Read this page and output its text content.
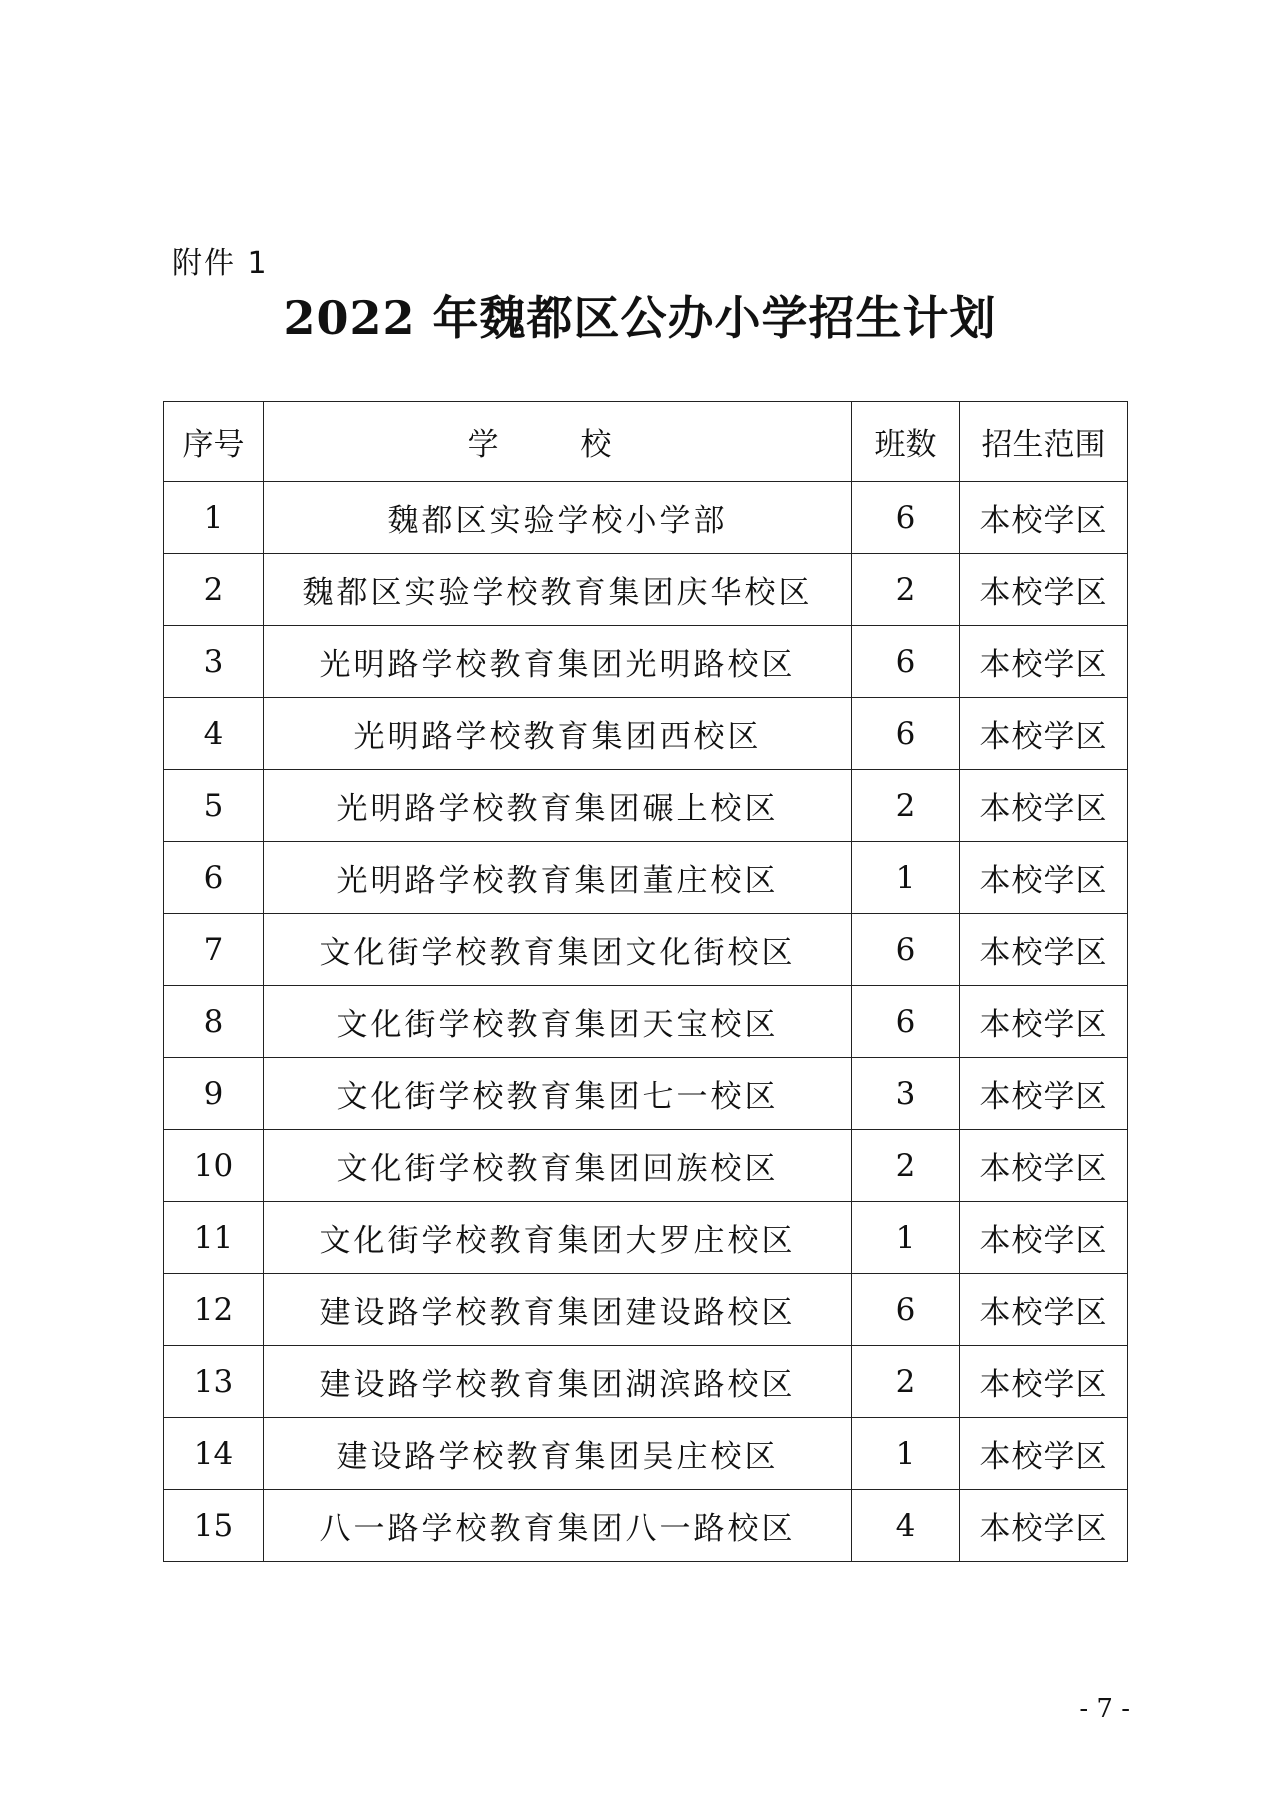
附件 1
2022 年魏都区公办小学招生计划
序号	学 校	班数	招生范围
1	魏都区实验学校小学部	6	本校学区
2	魏都区实验学校教育集团庆华校区	2	本校学区
3	光明路学校教育集团光明路校区	6	本校学区
4	光明路学校教育集团西校区	6	本校学区
5	光明路学校教育集团碾上校区	2	本校学区
6	光明路学校教育集团董庄校区	1	本校学区
7	文化街学校教育集团文化街校区	6	本校学区
8	文化街学校教育集团天宝校区	6	本校学区
9	文化街学校教育集团七一校区	3	本校学区
10	文化街学校教育集团回族校区	2	本校学区
11	文化街学校教育集团大罗庄校区	1	本校学区
12	建设路学校教育集团建设路校区	6	本校学区
13	建设路学校教育集团湖滨路校区	2	本校学区
14	建设路学校教育集团吴庄校区	1	本校学区
15	八一路学校教育集团八一路校区	4	本校学区
- 7 -
